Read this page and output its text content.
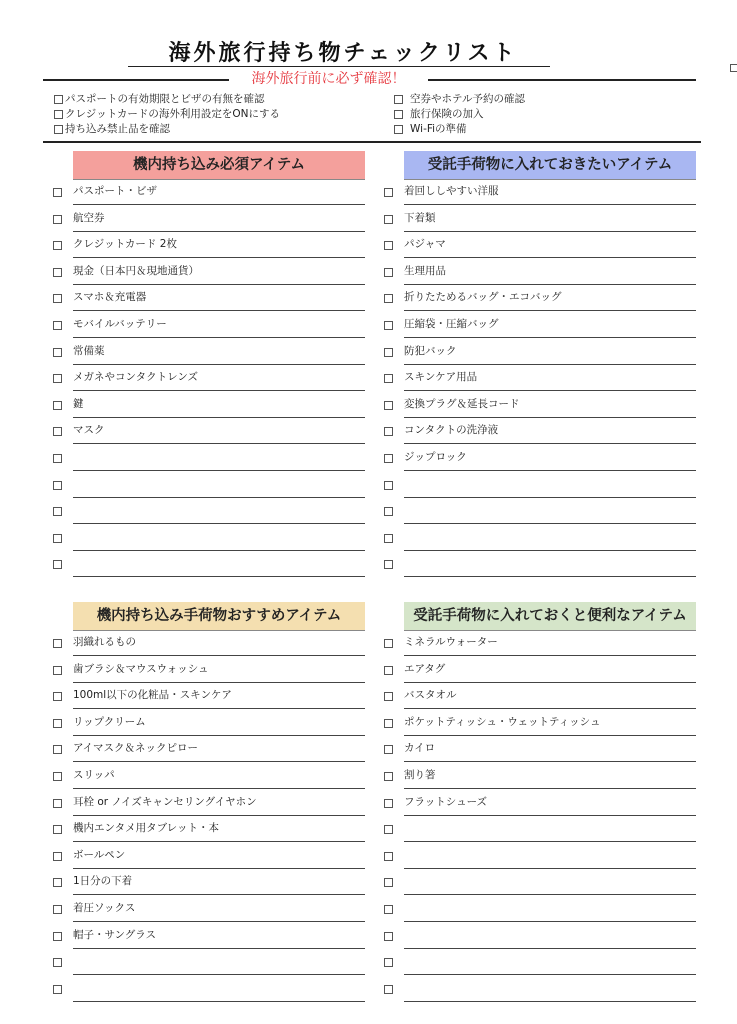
海外旅行持ち物チェックリスト
海外旅行前に必ず確認！
パスポートの有効期限とビザの有無を確認
クレジットカードの海外利用設定をONにする
持ち込み禁止品を確認
空券やホテル予約の確認
旅行保険の加入
Wi-Fiの準備
機内持ち込み必須アイテム
パスポート・ビザ
航空券
クレジットカード 2枚
現金（日本円＆現地通貨）
スマホ＆充電器
モバイルバッテリー
常備薬
メガネやコンタクトレンズ
鍵
マスク
受託手荷物に入れておきたいアイテム
着回ししやすい洋服
下着類
パジャマ
生理用品
折りたためるバッグ・エコバッグ
圧縮袋・圧縮バッグ
防犯バック
スキンケア用品
変換プラグ＆延長コード
コンタクトの洗浄液
ジップロック
機内持ち込み手荷物おすすめアイテム
羽織れるもの
歯ブラシ＆マウスウォッシュ
100ml以下の化粧品・スキンケア
リップクリーム
アイマスク＆ネックピロー
スリッパ
耳栓 or ノイズキャンセリングイヤホン
機内エンタメ用タブレット・本
ボールペン
1日分の下着
着圧ソックス
帽子・サングラス
受託手荷物に入れておくと便利なアイテム
ミネラルウォーター
エアタグ
バスタオル
ポケットティッシュ・ウェットティッシュ
カイロ
割り箸
フラットシューズ
